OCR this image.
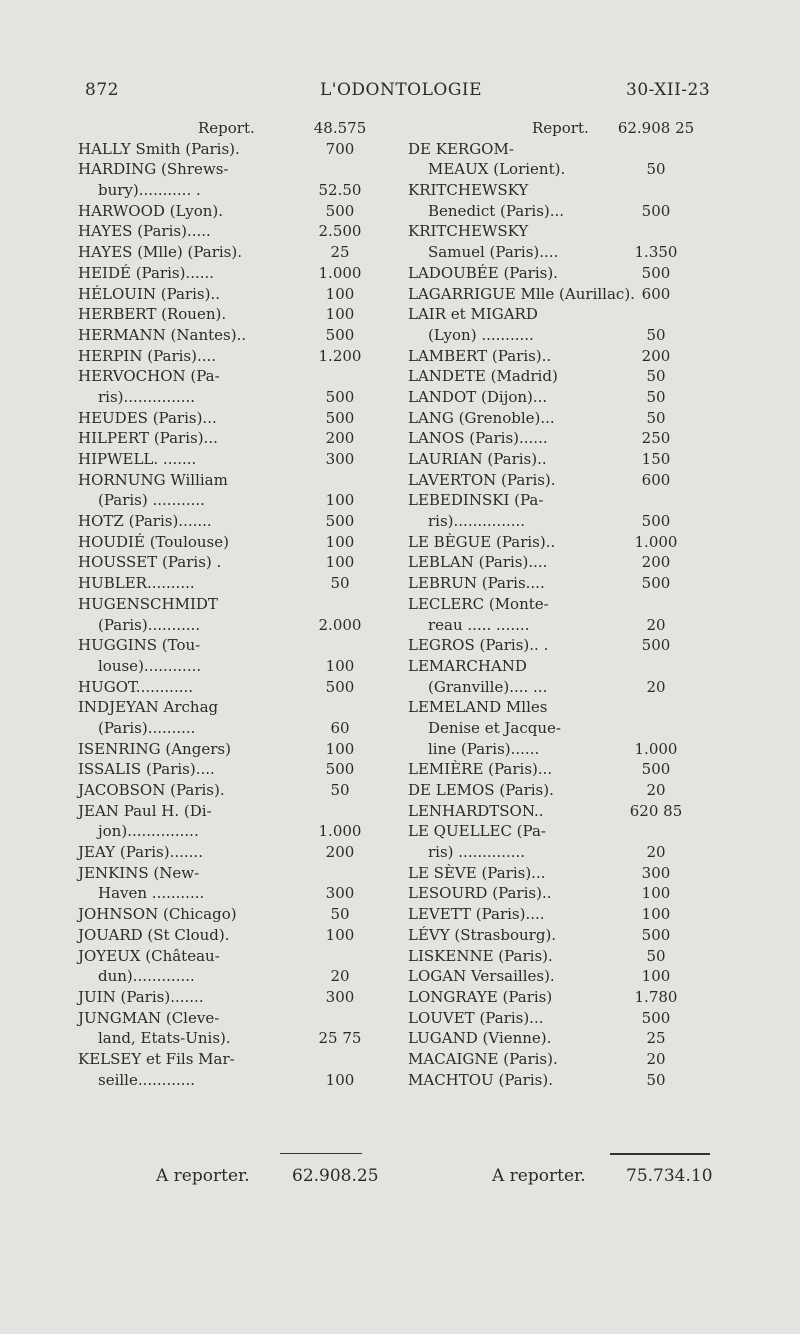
872	L'ODONTOLOGIE	30-XII-23
Report.	48.575
HALLY Smith (Paris).	700
HARDING (Shrews-
bury)........... .	52.50
HARWOOD (Lyon).	500
HAYES (Paris).....	2.500
HAYES (Mlle) (Paris).	25
HEIDÉ (Paris)......	1.000
HÉLOUIN (Paris)..	100
HERBERT (Rouen).	100
HERMANN (Nantes)..	500
HERPIN (Paris)....	1.200
HERVOCHON (Pa-
ris)...............	500
HEUDES (Paris)...	500
HILPERT (Paris)...	200
HIPWELL. .......	300
HORNUNG William
(Paris) ...........	100
HOTZ (Paris).......	500
HOUDIÉ (Toulouse)	100
HOUSSET (Paris) .	100
HUBLER..........	50
HUGENSCHMIDT
(Paris)...........	2.000
HUGGINS (Tou-
louse)............	100
HUGOT............	500
INDJEYAN Archag
(Paris)..........	60
ISENRING (Angers)	100
ISSALIS (Paris)....	500
JACOBSON (Paris).	50
JEAN Paul H. (Di-
jon)...............	1.000
JEAY (Paris).......	200
JENKINS (New-
Haven ...........	300
JOHNSON (Chicago)	50
JOUARD (St Cloud).	100
JOYEUX (Château-
dun).............	20
JUIN (Paris).......	300
JUNGMAN (Cleve-
land, Etats-Unis).	25 75
KELSEY et Fils Mar-
seille............	100
Report. 62.908 25
DE KERGOM-
MEAUX (Lorient).	50
KRITCHEWSKY
Benedict (Paris)...	500
KRITCHEWSKY
Samuel (Paris)....	1.350
LADOUBÉE (Paris).	500
LAGARRIGUE Mlle (Aurillac). 600
LAIR et MIGARD
(Lyon) ...........	50
LAMBERT (Paris)..	200
LANDETE (Madrid)	50
LANDOT (Dijon)...	50
LANG (Grenoble)...	50
LANOS (Paris)......	250
LAURIAN (Paris)..	150
LAVERTON (Paris).	600
LEBEDINSKI (Pa-
ris)...............	500
LE BÈGUE (Paris)..	1.000
LEBLAN (Paris)....	200
LEBRUN (Paris....	500
LECLERC (Monte-
reau ..... .......	20
LEGROS (Paris).. .	500
LEMARCHAND
(Granville).... ...	20
LEMELAND Mlles
Denise et Jacque-
line (Paris)......	1.000
LEMIÈRE (Paris)...	500
DE LEMOS (Paris).	20
LENHARDTSON..	620 85
LE QUELLEC (Pa-
ris) ..............	20
LE SÈVE (Paris)...	300
LESOURD (Paris)..	100
LEVETT (Paris)....	100
LÉVY (Strasbourg).	500
LISKENNE (Paris).	50
LOGAN Versailles).	100
LONGRAYE (Paris)	1.780
LOUVET (Paris)...	500
LUGAND (Vienne).	25
MACAIGNE (Paris).	20
MACHTOU (Paris).	50
A reporter. 62.908.25	A reporter. 75.734.10
